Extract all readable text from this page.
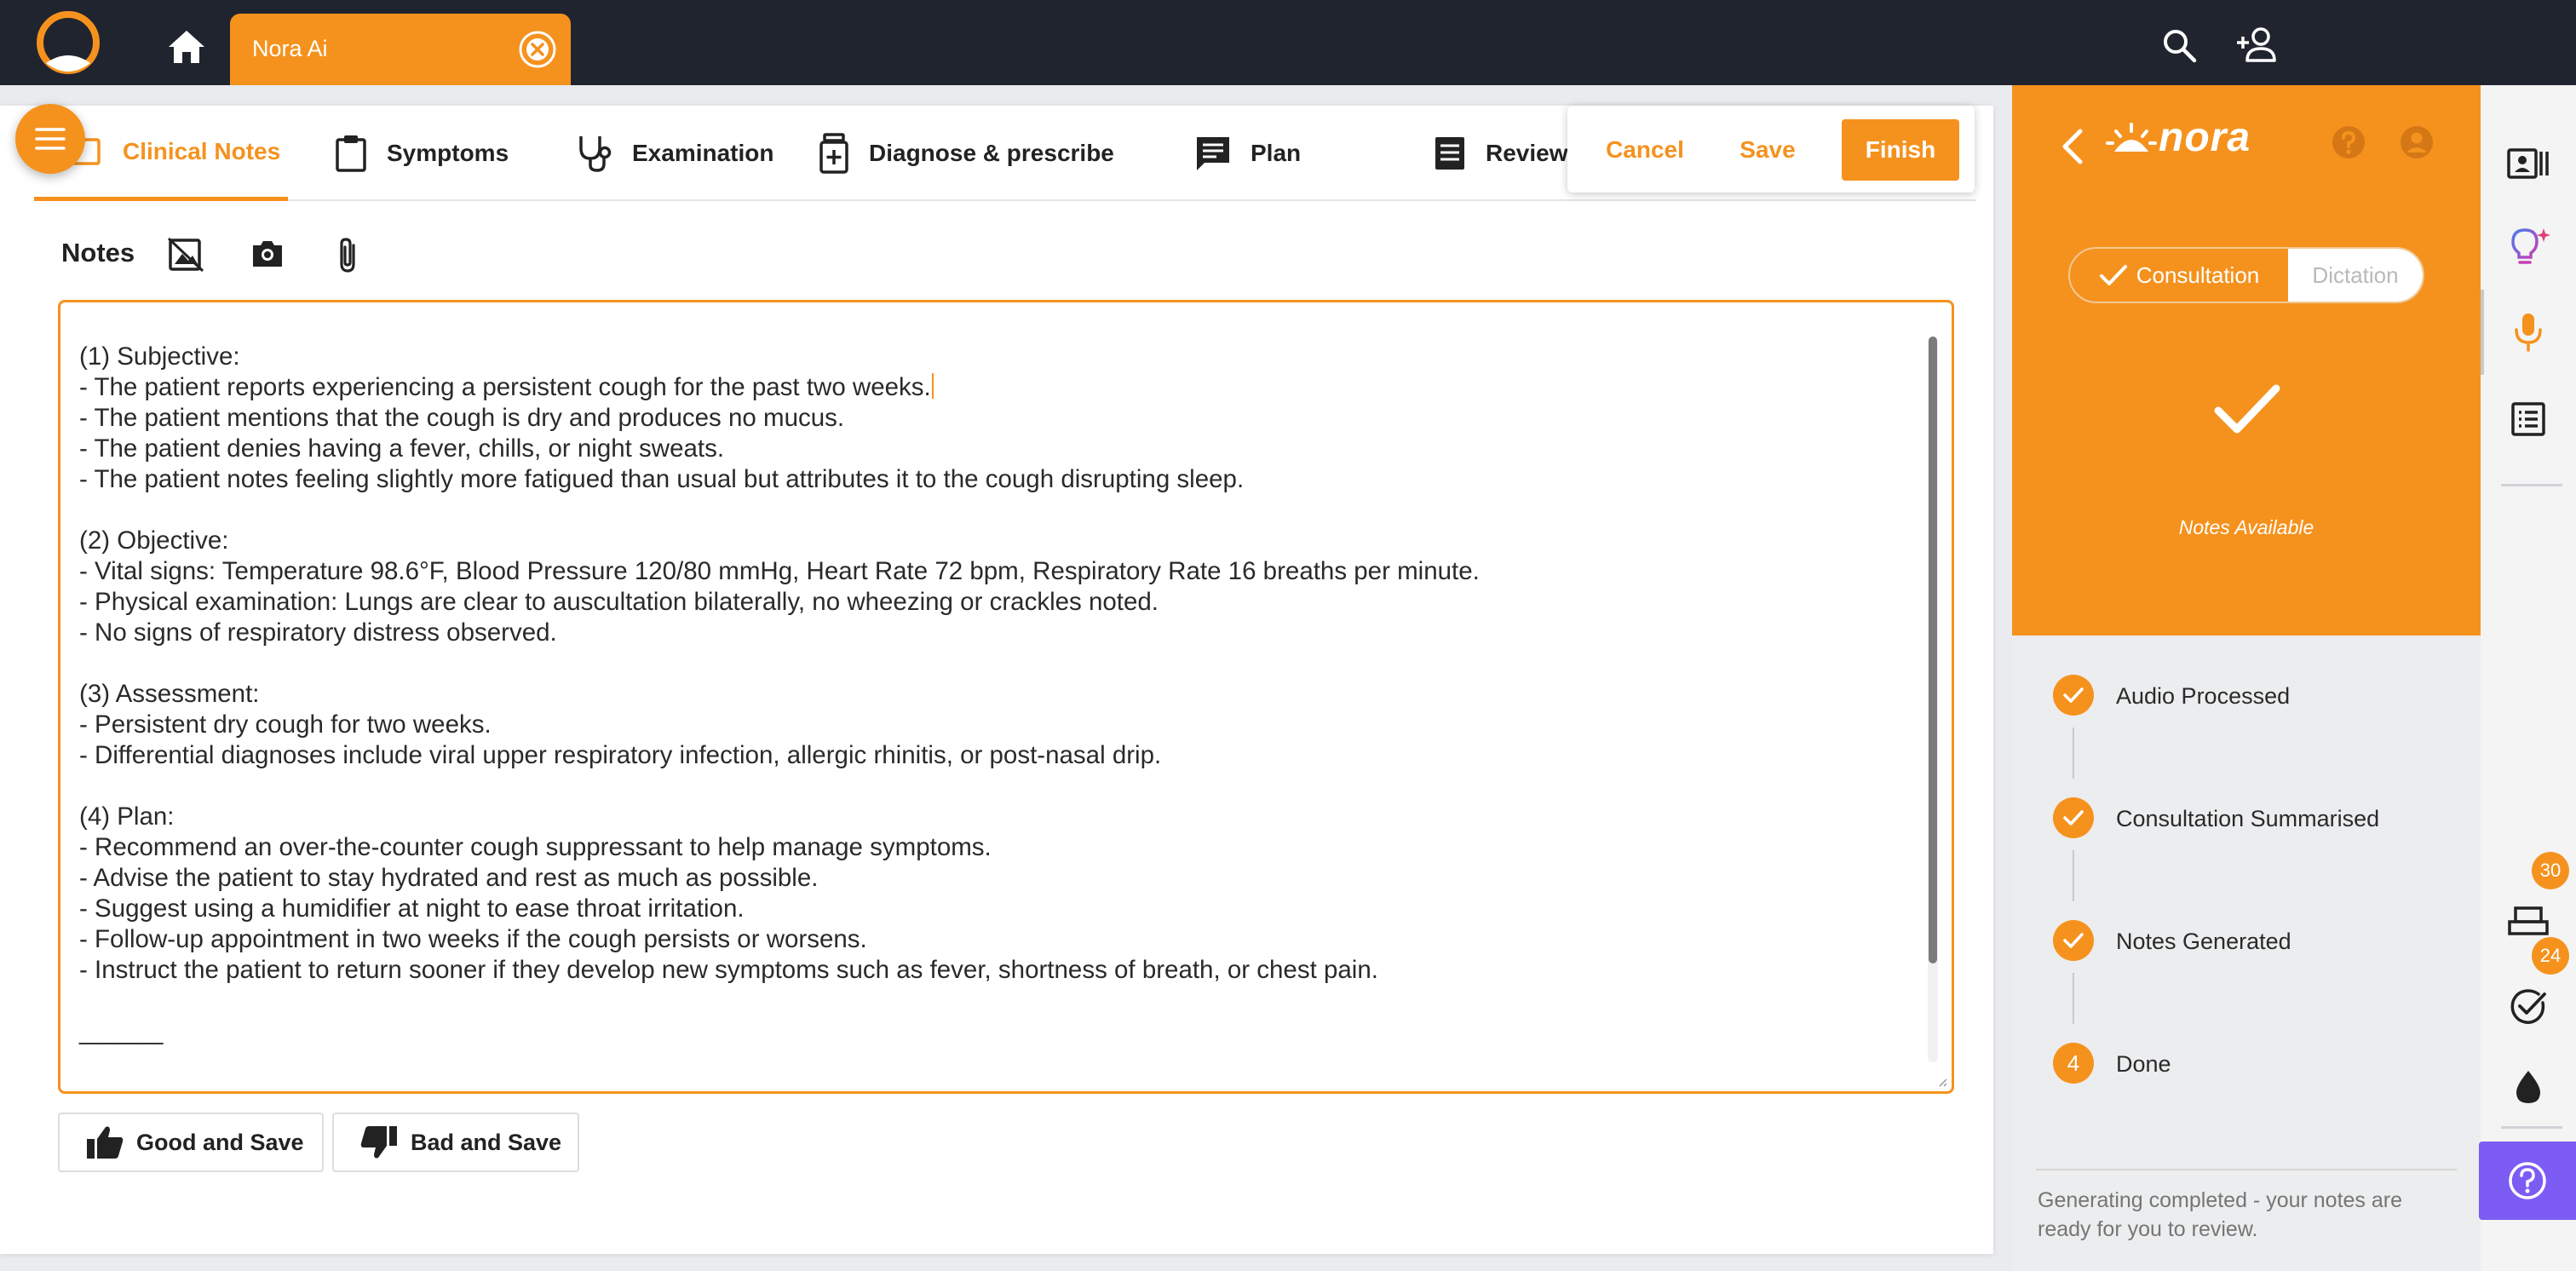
Nora Ai
Clinical Notes	Symptoms	Examination	Diagnose & prescribe	Plan	Review	Cancel	Save	Finish
Notes
(1) Subjective:
- The patient reports experiencing a persistent cough for the past two weeks.
- The patient mentions that the cough is dry and produces no mucus.
- The patient denies having a fever, chills, or night sweats.
- The patient notes feeling slightly more fatigued than usual but attributes it to the cough disrupting sleep.
(2) Objective:
- Vital signs: Temperature 98.6°F, Blood Pressure 120/80 mmHg, Heart Rate 72 bpm, Respiratory Rate 16 breaths per minute.
- Physical examination: Lungs are clear to auscultation bilaterally, no wheezing or crackles noted.
- No signs of respiratory distress observed.
(3) Assessment:
- Persistent dry cough for two weeks.
- Differential diagnoses include viral upper respiratory infection, allergic rhinitis, or post-nasal drip.
(4) Plan:
- Recommend an over-the-counter cough suppressant to help manage symptoms.
- Advise the patient to stay hydrated and rest as much as possible.
- Suggest using a humidifier at night to ease throat irritation.
- Follow-up appointment in two weeks if the cough persists or worsens.
- Instruct the patient to return sooner if they develop new symptoms such as fever, shortness of breath, or chest pain.
______
Good and Save	Bad and Save
nora
Consultation Dictation
Notes Available
Audio Processed
Consultation Summarised
Notes Generated
4	Done
Generating completed - your notes are ready for you to review.
30
24
